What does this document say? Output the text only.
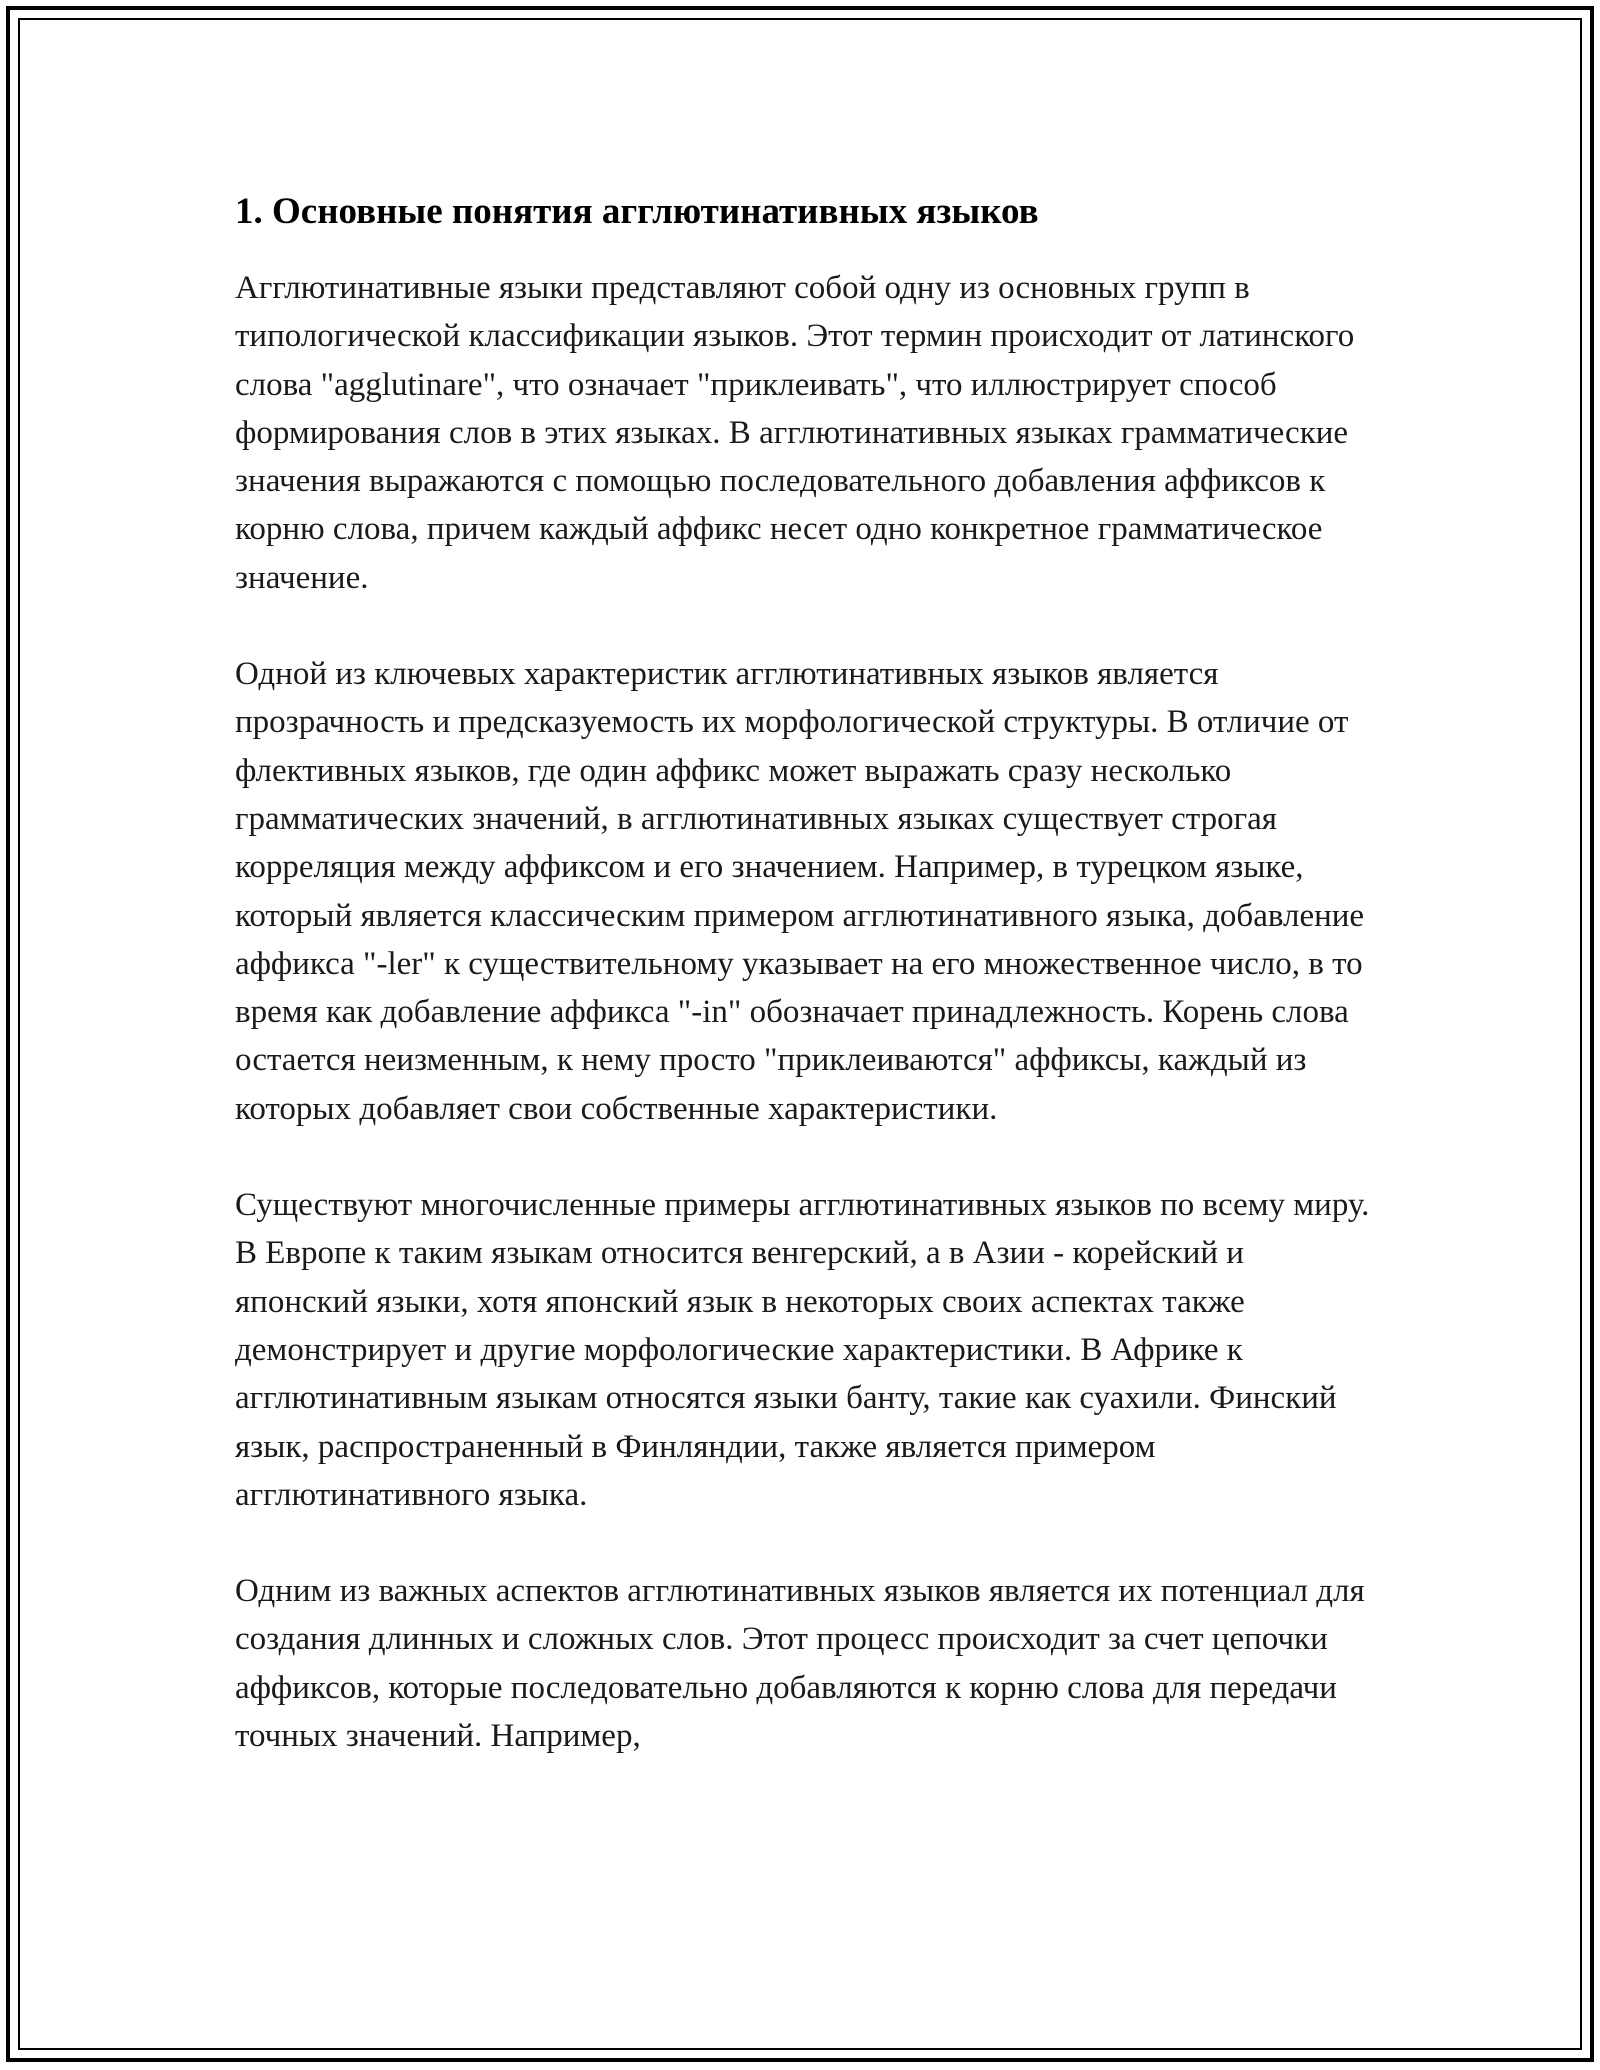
1. Основные понятия агглютинативных языков

Агглютинативные языки представляют собой одну из основных групп в типологической классификации языков. Этот термин происходит от латинского слова "agglutinare", что означает "приклеивать", что иллюстрирует способ формирования слов в этих языках. В агглютинативных языках грамматические значения выражаются с помощью последовательного добавления аффиксов к корню слова, причем каждый аффикс несет одно конкретное грамматическое значение.

Одной из ключевых характеристик агглютинативных языков является прозрачность и предсказуемость их морфологической структуры. В отличие от флективных языков, где один аффикс может выражать сразу несколько грамматических значений, в агглютинативных языках существует строгая корреляция между аффиксом и его значением. Например, в турецком языке, который является классическим примером агглютинативного языка, добавление аффикса "-ler" к существительному указывает на его множественное число, в то время как добавление аффикса "-in" обозначает принадлежность. Корень слова остается неизменным, к нему просто "приклеиваются" аффиксы, каждый из которых добавляет свои собственные характеристики.

Существуют многочисленные примеры агглютинативных языков по всему миру. В Европе к таким языкам относится венгерский, а в Азии - корейский и японский языки, хотя японский язык в некоторых своих аспектах также демонстрирует и другие морфологические характеристики. В Африке к агглютинативным языкам относятся языки банту, такие как суахили. Финский язык, распространенный в Финляндии, также является примером агглютинативного языка.

Одним из важных аспектов агглютинативных языков является их потенциал для создания длинных и сложных слов. Этот процесс происходит за счет цепочки аффиксов, которые последовательно добавляются к корню слова для передачи точных значений. Например,
